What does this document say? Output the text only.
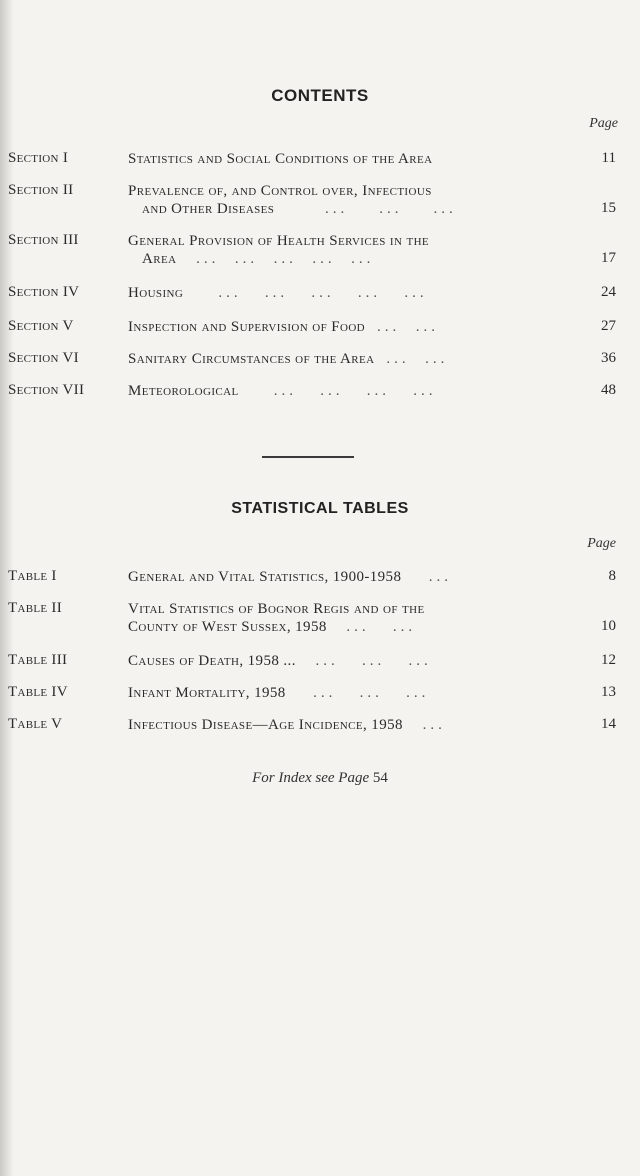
CONTENTS
Page
Section I	Statistics and Social Conditions of the Area	11
Section II	Prevalence of, and Control over, Infectious
and Other Diseases       ...    ...    ...	15
Section III	General Provision of Health Services in the
Area   ...  ...  ...  ...  ...	17
Section IV	Housing     ...   ...   ...   ...   ...	24
Section V	Inspection and Supervision of Food  ...  ...	27
Section VI	Sanitary Circumstances of the Area  ...  ...	36
Section VII	Meteorological     ...   ...   ...   ...	48
STATISTICAL TABLES
Page
Table I	General and Vital Statistics, 1900-1958    ...	8
Table II	Vital Statistics of Bognor Regis and of the
County of West Sussex, 1958   ...   ...	10
Table III	Causes of Death, 1958 ...   ...   ...   ...	12
Table IV	Infant Mortality, 1958    ...   ...   ...	13
Table V	Infectious Disease—Age Incidence, 1958   ...	14
For Index see Page 54
